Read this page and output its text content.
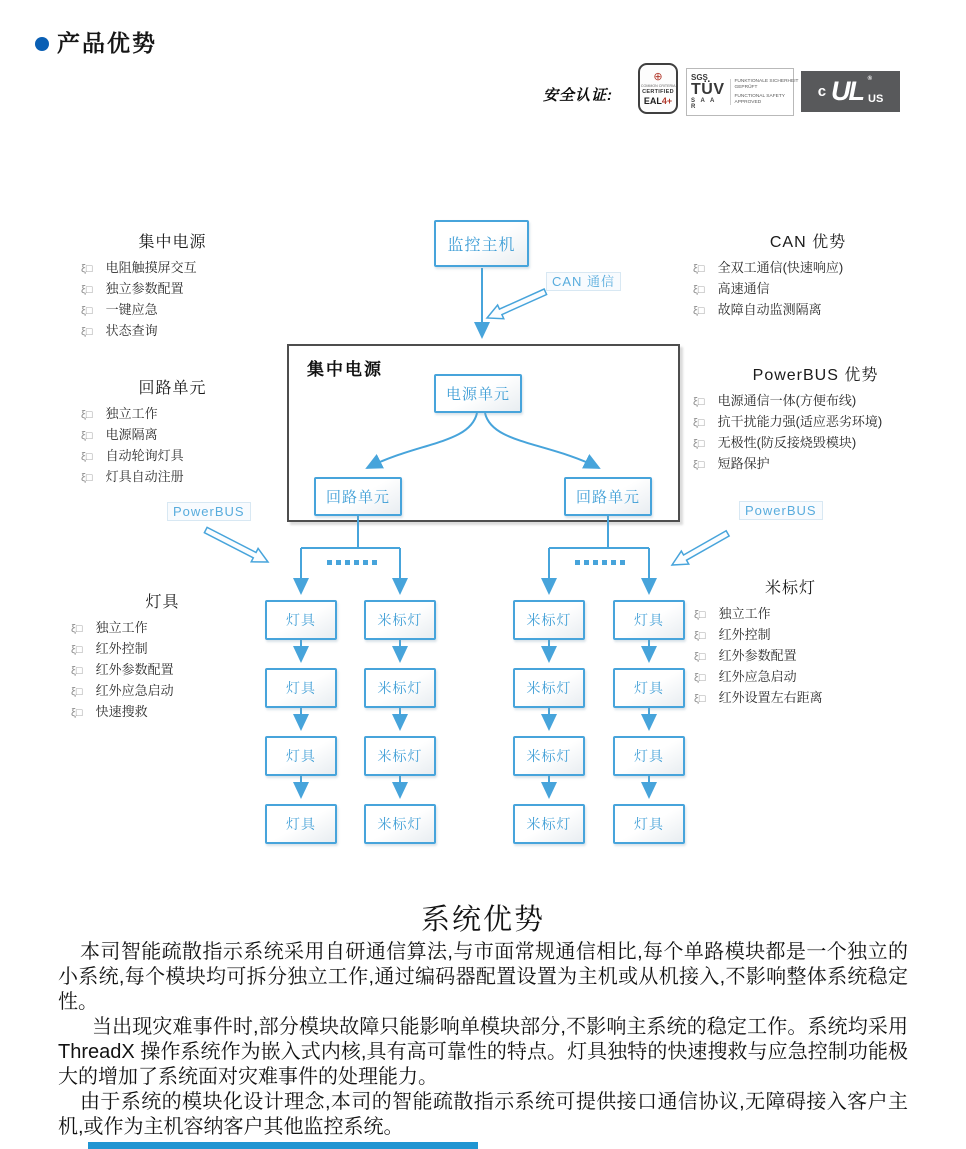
产品优势
安全认证:
⊕
COMMON CRITERIA
CERTIFIED
EAL4+
SGS
TÜV
S A A R
FUNKTIONALE SICHERHEIT
GEPRÜFT
FUNCTIONAL SAFETY
APPROVED
c UL ®
US
集中电源
监控主机
电源单元
回路单元	回路单元
CAN 通信
PowerBUS	PowerBUS
灯具
灯具
灯具
灯具
米标灯
米标灯
米标灯
米标灯
米标灯
米标灯
米标灯
米标灯
灯具
灯具
灯具
灯具
集中电源
ξ□ 电阻触摸屏交互
ξ□ 独立参数配置
ξ□ 一键应急
ξ□ 状态查询
回路单元
ξ□ 独立工作
ξ□ 电源隔离
ξ□ 自动轮询灯具
ξ□ 灯具自动注册
灯具
ξ□ 独立工作
ξ□ 红外控制
ξ□ 红外参数配置
ξ□ 红外应急启动
ξ□ 快速搜救
CAN 优势
ξ□ 全双工通信(快速响应)
ξ□ 高速通信
ξ□ 故障自动监测隔离
PowerBUS 优势
ξ□ 电源通信一体(方便布线)
ξ□ 抗干扰能力强(适应恶劣环境)
ξ□ 无极性(防反接烧毁模块)
ξ□ 短路保护
米标灯
ξ□ 独立工作
ξ□ 红外控制
ξ□ 红外参数配置
ξ□ 红外应急启动
ξ□ 红外设置左右距离
系统优势

本司智能疏散指示系统采用自研通信算法,与市面常规通信相比,每个单路模块都是一个独立的小系统,每个模块均可拆分独立工作,通过编码器配置设置为主机或从机接入,不影响整体系统稳定性。

当出现灾难事件时,部分模块故障只能影响单模块部分,不影响主系统的稳定工作。系统均采用 ThreadX 操作系统作为嵌入式内核,具有高可靠性的特点。灯具独特的快速搜救与应急控制功能极大的增加了系统面对灾难事件的处理能力。

由于系统的模块化设计理念,本司的智能疏散指示系统可提供接口通信协议,无障碍接入客户主机,或作为主机容纳客户其他监控系统。
